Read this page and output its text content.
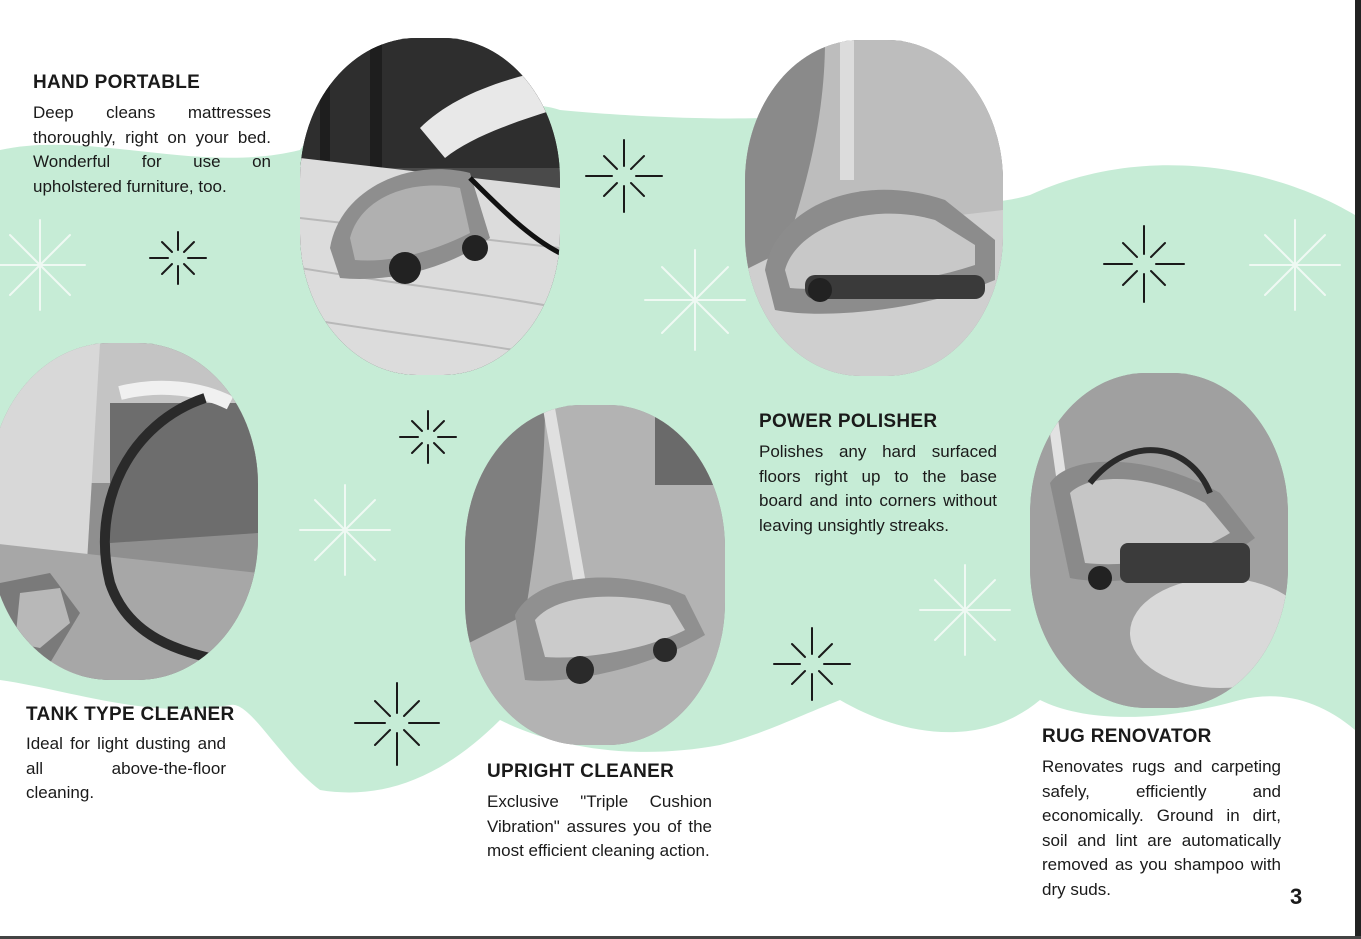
HAND PORTABLE

Deep cleans mattresses thoroughly, right on your bed. Wonderful for use on upholstered furniture, too.

TANK TYPE CLEANER

Ideal for light dusting and all above-the-floor cleaning.

UPRIGHT CLEANER

Exclusive "Triple Cushion Vibration" assures you of the most efficient cleaning action.

POWER POLISHER

Polishes any hard surfaced floors right up to the base board and into corners without leaving unsightly streaks.

RUG RENOVATOR

Renovates rugs and carpeting safely, efficiently and economically. Ground in dirt, soil and lint are automatically removed as you shampoo with dry suds.	3
